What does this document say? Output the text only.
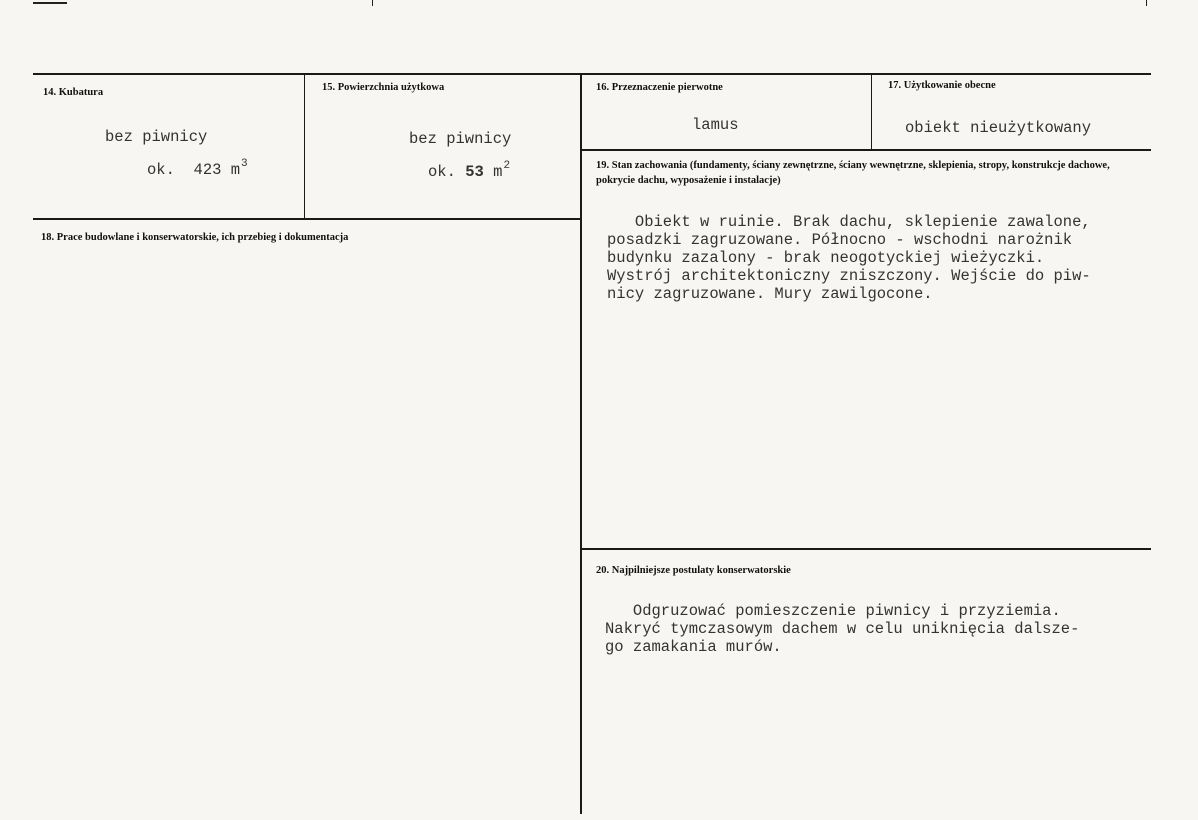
14. Kubatura
bez piwnicy
ok. 423 $m^3$
15. Powierzchnia użytkowa
bez piwnicy
ok. 53 $m^2$
16. Przeznaczenie pierwotne
lamus
17. Użytkowanie obecne
obiekt nieużytkowany
18. Prace budowlane i konserwatorskie, ich przebieg i dokumentacja
19. Stan zachowania (fundamenty, ściany zewnętrzne, ściany wewnętrzne, sklepienia, stropy, konstrukcje dachowe, pokrycie dachu, wyposażenie i instalacje)
Obiekt w ruinie. Brak dachu, sklepienie zawalone,
posadzki zagruzowane. Północno - wschodni narożnik
budynku zazalony - brak neogotyckiej wieżyczki.
Wystrój architektoniczny zniszczony. Wejście do piw-
nicy zagruzowane. Mury zawilgocone.
20. Najpilniejsze postulaty konserwatorskie
Odgruzować pomieszczenie piwnicy i przyziemia.
Nakryć tymczasowym dachem w celu uniknięcia dalsze-
go zamakania murów.
